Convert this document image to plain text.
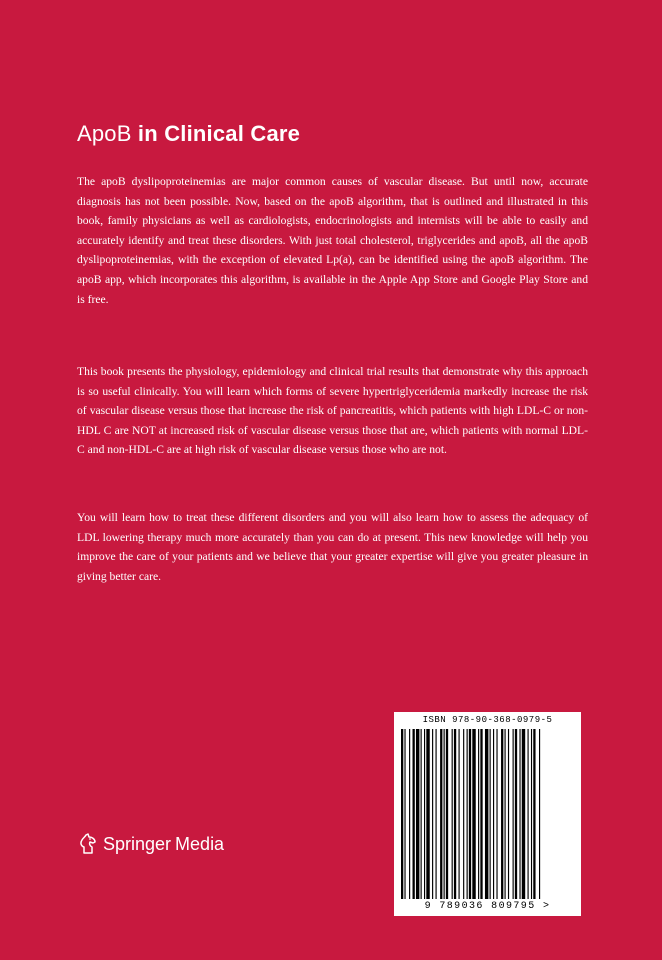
ApoB in Clinical Care

The apoB dyslipoproteinemias are major common causes of vascular disease. But until now, accurate diagnosis has not been possible. Now, based on the apoB algorithm, that is outlined and illustrated in this book, family physicians as well as cardiologists, endocrinologists and internists will be able to easily and accurately identify and treat these disorders. With just total cholesterol, triglycerides and apoB, all the apoB dyslipoproteinemias, with the exception of elevated Lp(a), can be identified using the apoB algorithm. The apoB app, which incorporates this algorithm, is available in the Apple App Store and Google Play Store and is free.

This book presents the physiology, epidemiology and clinical trial results that demonstrate why this approach is so useful clinically. You will learn which forms of severe hypertriglyceridemia markedly increase the risk of vascular disease versus those that increase the risk of pancreatitis, which patients with high LDL-C or non-HDL C are NOT at increased risk of vascular disease versus those that are, which patients with normal LDL-C and non-HDL-C are at high risk of vascular disease versus those who are not.

You will learn how to treat these different disorders and you will also learn how to assess the adequacy of LDL lowering therapy much more accurately than you can do at present. This new knowledge will help you improve the care of your patients and we believe that your greater expertise will give you greater pleasure in giving better care.

Springer Media
ISBN 978-90-368-0979-5
9 789036 809795 >
